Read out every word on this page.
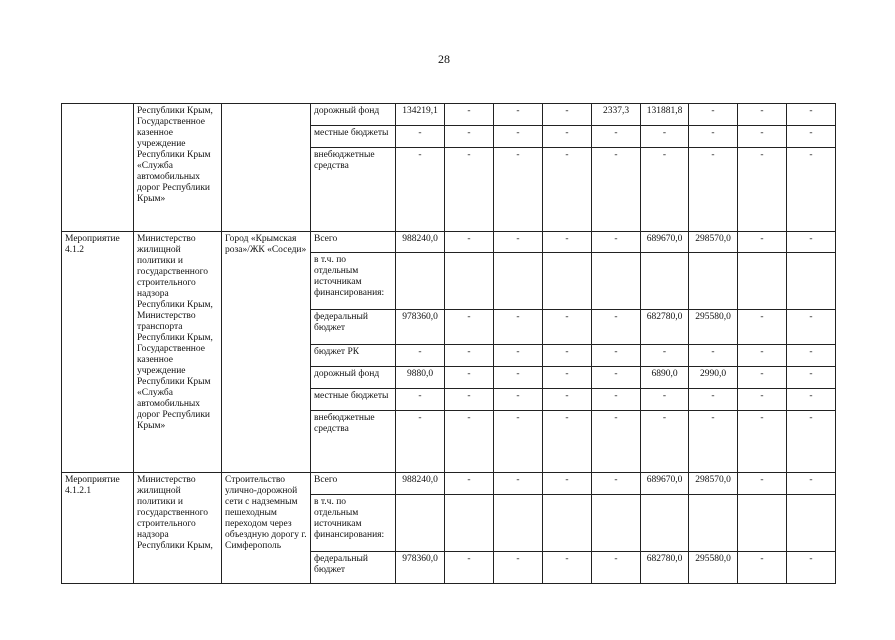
28
	Республики Крым, Государственное казенное учреждение Республики Крым «Служба автомобильных дорог Республики Крым»		дорожный фонд	134219,1	-	-	-	2337,3	131881,8	-	-	-
			местные бюджеты	-	-	-	-	-	-	-	-	-
			внебюджетные средства	-	-	-	-	-	-	-	-	-
Мероприятие 4.1.2	Министерство жилищной политики и государственного строительного надзора Республики Крым, Министерство транспорта Республики Крым, Государственное казенное учреждение Республики Крым «Служба автомобильных дорог Республики Крым»	Город «Крымская роза»/ЖК «Соседи»	Всего	988240,0	-	-	-	-	689670,0	298570,0	-	-
			в т.ч. по отдельным источникам финансирования:									
			федеральный бюджет	978360,0	-	-	-	-	682780,0	295580,0	-	-
			бюджет РК	-	-	-	-	-	-	-	-	-
			дорожный фонд	9880,0	-	-	-	-	6890,0	2990,0	-	-
			местные бюджеты	-	-	-	-	-	-	-	-	-
			внебюджетные средства	-	-	-	-	-	-	-	-	-
Мероприятие 4.1.2.1	Министерство жилищной политики и государственного строительного надзора Республики Крым,	Строительство улично-дорожной сети с надземным пешеходным переходом через объездную дорогу г. Симферополь	Всего	988240,0	-	-	-	-	689670,0	298570,0	-	-
			в т.ч. по отдельным источникам финансирования:									
			федеральный бюджет	978360,0	-	-	-	-	682780,0	295580,0	-	-
